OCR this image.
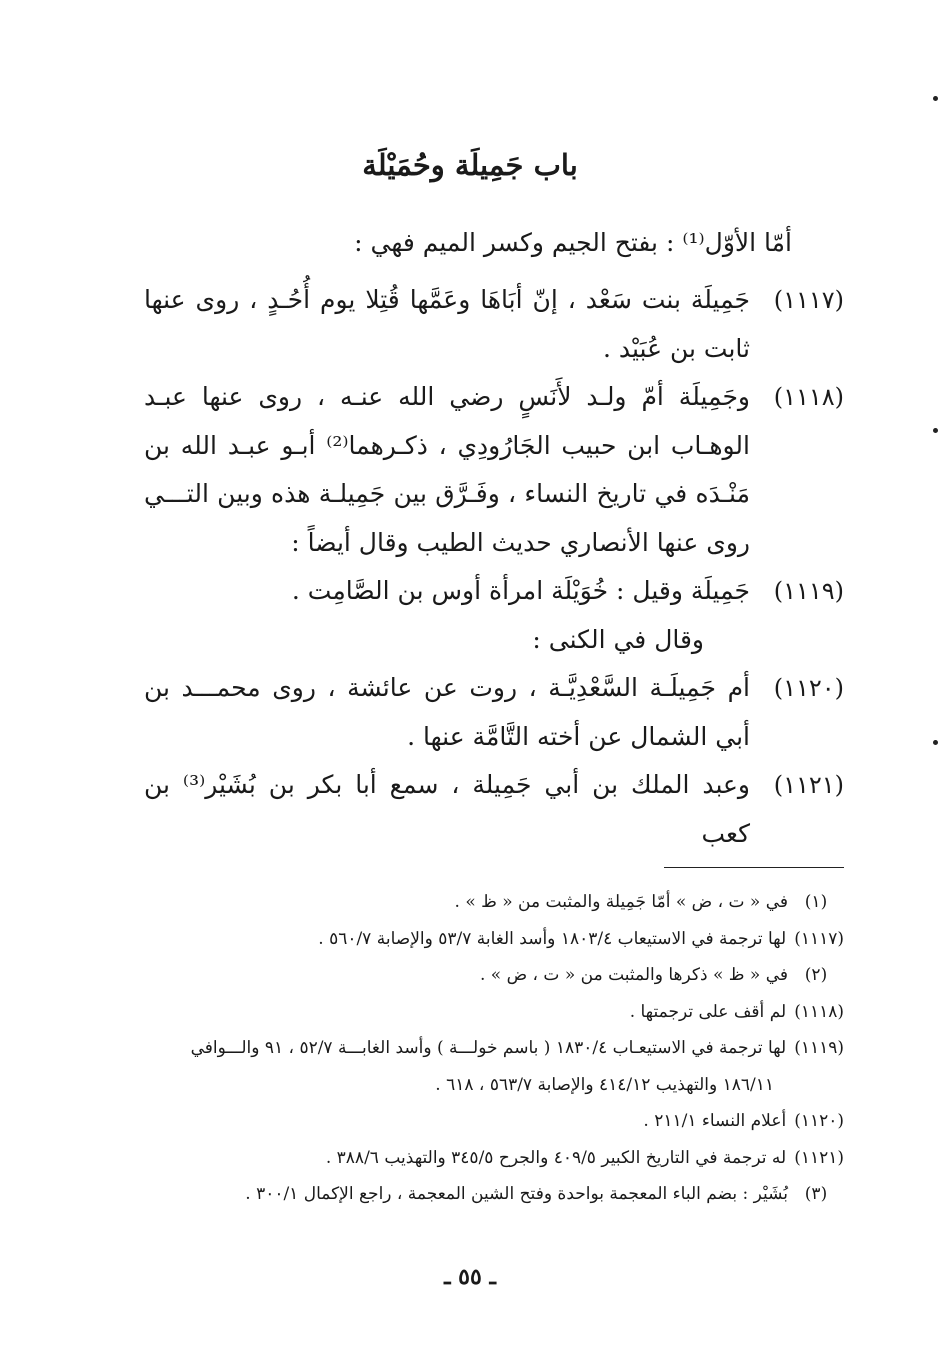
باب جَمِيلَة وحُمَيْلَة

أمّا الأوّل⁽¹⁾ : بفتح الجيم وكسر الميم فهي :

(١١١٧)
جَمِيلَة بنت سَعْد ، إنّ أبَاهَا وعَمَّها قُتِلا يوم أُحُـدٍ ، روى عنها ثابت بن عُبَيْد .
(١١١٨)
وجَمِيلَة أمّ ولـد لأَنَسٍ رضي الله عنـه ، روى عنها عبـد الوهـاب ابن حبيب الجَارُودِي ، ذكـرهما⁽²⁾ أبـو عبـد الله بن مَنْـدَه في تاريخ النساء ، وفَـرَّق بين جَمِيلـة هذه وبين التـــي روى عنها الأنصاري حديث الطيب وقال أيضاً :
(١١١٩)
جَمِيلَة وقيل : خُوَيْلَة امرأة أوس بن الصَّامِت .
وقال في الكنى :
(١١٢٠)
أم جَمِيلَـة السَّعْدِيَّـة ، روت عن عائشة ، روى محمـــد بن أبي الشمال عن أخته التَّامَّة عنها .
(١١٢١)
وعبد الملك بن أبي جَمِيلة ، سمع أبا بكر بن بُشَيْر⁽³⁾ بن كعب
(١)
في « ت ، ض » أمّا جَمِيلة والمثبت من « ظ » .
(١١١٧)
لها ترجمة في الاستيعاب ١٨٠٣/٤ وأسد الغابة ٥٣/٧ والإصابة ٥٦٠/٧ .
(٢)
في « ظ » ذكرها والمثبت من « ت ، ض » .
(١١١٨)
لم أقف على ترجمتها .
(١١١٩)
لها ترجمة في الاستيعـاب ١٨٣٠/٤ ( باسم خولـــة ) وأسد الغابـــة ٥٢/٧ ، ٩١ والـــوافي
١٨٦/١١ والتهذيب ٤١٤/١٢ والإصابة ٥٦٣/٧ ، ٦١٨ .
(١١٢٠)
أعلام النساء ٢١١/١ .
(١١٢١)
له ترجمة في التاريخ الكبير ٤٠٩/٥ والجرح ٣٤٥/٥ والتهذيب ٣٨٨/٦ .
(٣)
بُشَيْر : بضم الباء المعجمة بواحدة وفتح الشين المعجمة ، راجع الإكمال ٣٠٠/١ .
ـ ٥٥ ـ
